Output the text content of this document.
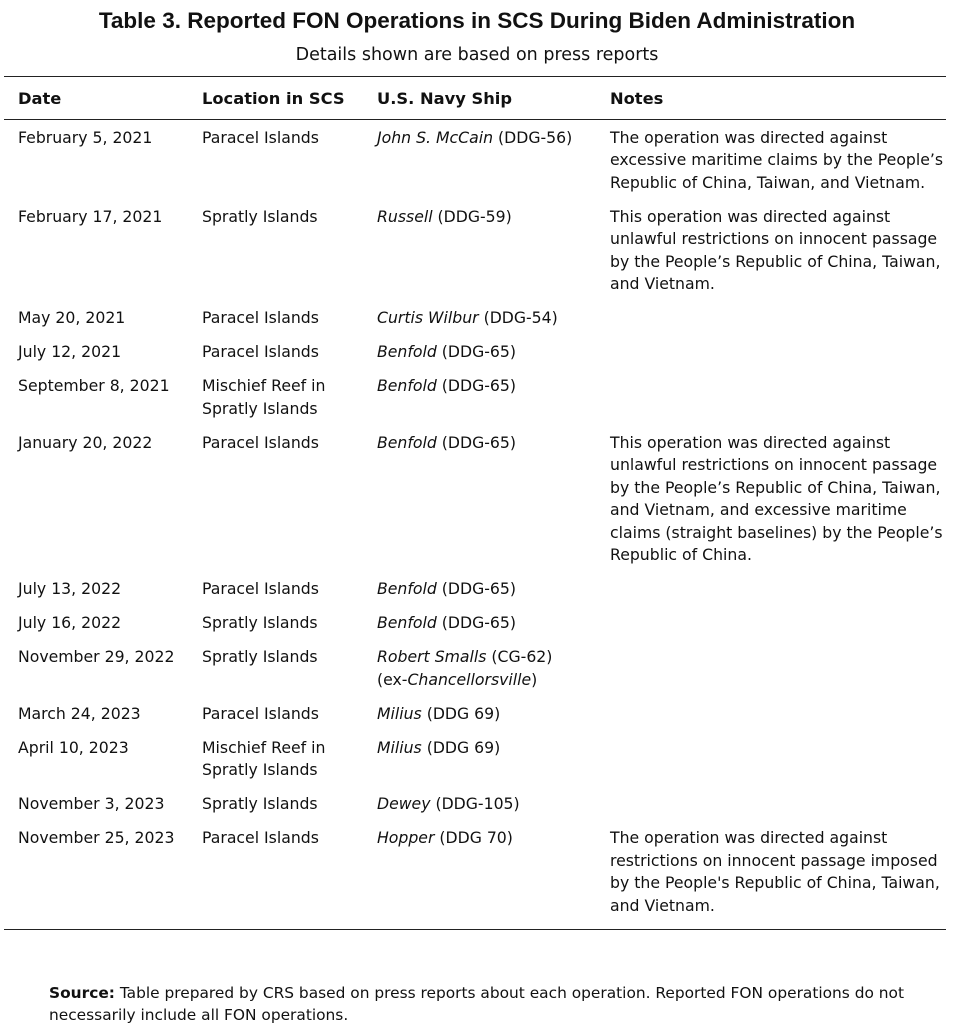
Table 3. Reported FON Operations in SCS During Biden Administration
Details shown are based on press reports
Date	Location in SCS	U.S. Navy Ship	Notes
February 5, 2021	Paracel Islands	John S. McCain (DDG-56)	The operation was directed against excessive maritime claims by the People’s Republic of China, Taiwan, and Vietnam.
February 17, 2021	Spratly Islands	Russell (DDG-59)	This operation was directed against unlawful restrictions on innocent passage by the People’s Republic of China, Taiwan, and Vietnam.
May 20, 2021	Paracel Islands	Curtis Wilbur (DDG-54)	
July 12, 2021	Paracel Islands	Benfold (DDG-65)	
September 8, 2021	Mischief Reef in Spratly Islands	Benfold (DDG-65)	
January 20, 2022	Paracel Islands	Benfold (DDG-65)	This operation was directed against unlawful restrictions on innocent passage by the People’s Republic of China, Taiwan, and Vietnam, and excessive maritime claims (straight baselines) by the People’s Republic of China.
July 13, 2022	Paracel Islands	Benfold (DDG-65)	
July 16, 2022	Spratly Islands	Benfold (DDG-65)	
November 29, 2022	Spratly Islands	Robert Smalls (CG-62)
(ex-Chancellorsville)	
March 24, 2023	Paracel Islands	Milius (DDG 69)	
April 10, 2023	Mischief Reef in Spratly Islands	Milius (DDG 69)	
November 3, 2023	Spratly Islands	Dewey (DDG-105)	
November 25, 2023	Paracel Islands	Hopper (DDG 70)	The operation was directed against restrictions on innocent passage imposed by the People's Republic of China, Taiwan, and Vietnam.
Source: Table prepared by CRS based on press reports about each operation. Reported FON operations do not necessarily include all FON operations.
